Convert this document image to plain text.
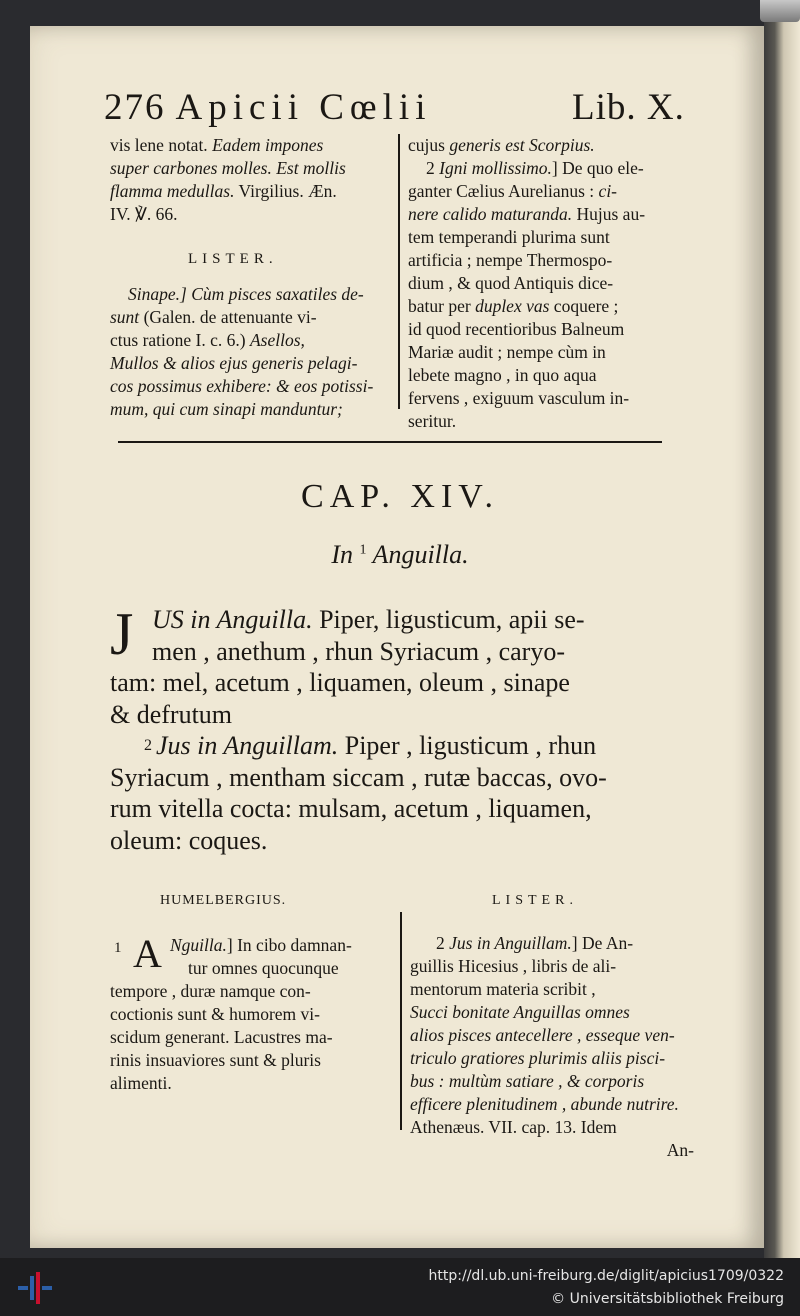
276 Apicii Cœlii	Lib. X.
vis lene notat. Eadem impones
super carbones molles. Est mollis
flamma medullas. Virgilius. Æn.
IV. ℣. 66.
LISTER.
Sinape.] Cùm pisces saxatiles de-
sunt (Galen. de attenuante vi-
ctus ratione I. c. 6.) Asellos,
Mullos & alios ejus generis pelagi-
cos possimus exhibere: & eos potissi-
mum, qui cum sinapi manduntur;
cujus generis est Scorpius.
2 Igni mollissimo.] De quo ele-
ganter Cælius Aurelianus : ci-
nere calido maturanda. Hujus au-
tem temperandi plurima sunt
artificia ; nempe Thermospo-
dium , & quod Antiquis dice-
batur per duplex vas coquere ;
id quod recentioribus Balneum
Mariæ audit ; nempe cùm in
lebete magno , in quo aqua
fervens , exiguum vasculum in-
seritur.
CAP. XIV.
In $^1$ Anguilla.
J US in Anguilla. Piper, ligusticum, apii se-
men , anethum , rhun Syriacum , caryo-
tam: mel, acetum , liquamen, oleum , sinape
& defrutum
$^2$ Jus in Anguillam. Piper , ligusticum , rhun
Syriacum , mentham siccam , rutæ baccas, ovo-
rum vitella cocta: mulsam, acetum , liquamen,
oleum: coques.
HUMELBERGIUS.
1 A Nguilla.] In cibo damnan-
tur omnes quocunque
tempore , duræ namque con-
coctionis sunt & humorem vi-
scidum generant. Lacustres ma-
rinis insuaviores sunt & pluris
alimenti.
LISTER.
2 Jus in Anguillam.] De An-
guillis Hicesius , libris de ali-
mentorum materia scribit ,
Succi bonitate Anguillas omnes
alios pisces antecellere , esseque ven-
triculo gratiores plurimis aliis pisci-
bus : multùm satiare , & corporis
efficere plenitudinem , abunde nutrire.
Athenæus. VII. cap. 13. Idem
An-
http://dl.ub.uni-freiburg.de/diglit/apicius1709/0322
© Universitätsbibliothek Freiburg
